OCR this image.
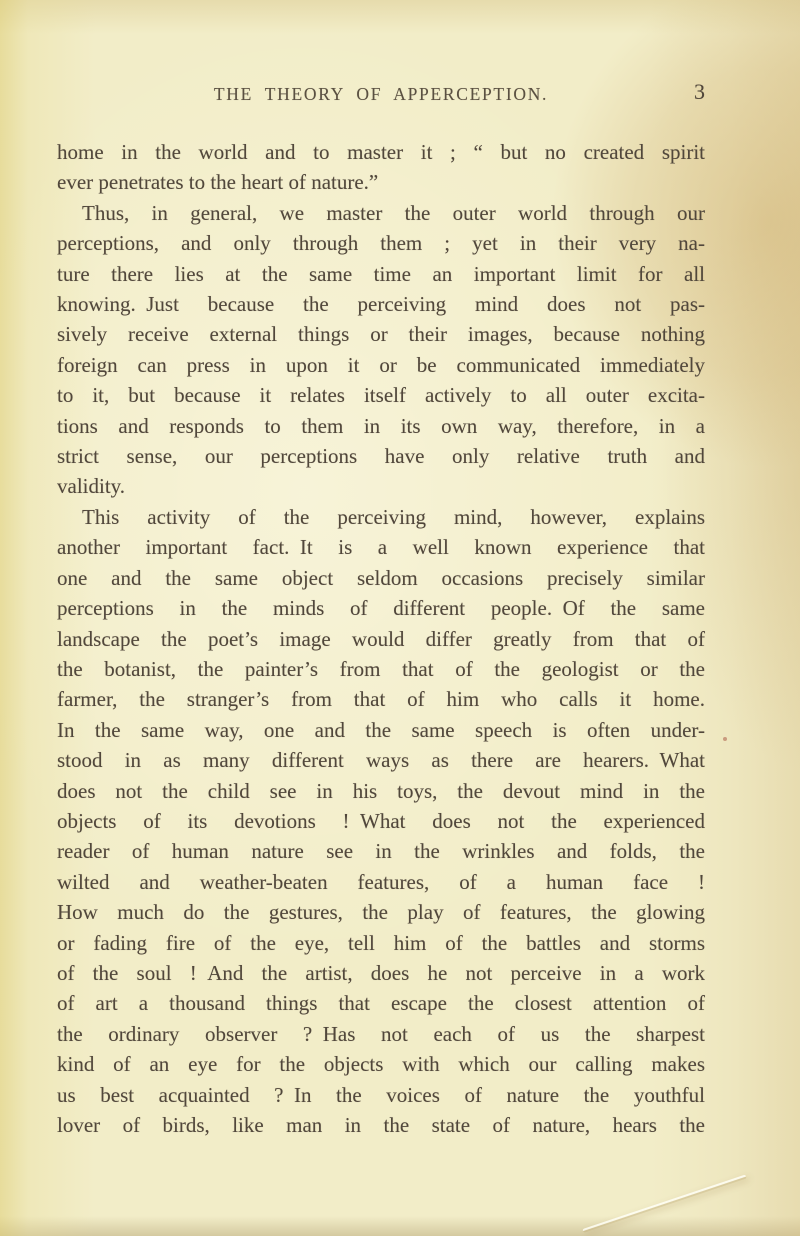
THE THEORY OF APPERCEPTION.	3
home in the world and to master it ; “ but no created spirit
ever penetrates to the heart of nature.”
Thus, in general, we master the outer world through our
perceptions, and only through them ; yet in their very na-
ture there lies at the same time an important limit for all
knowing. Just because the perceiving mind does not pas-
sively receive external things or their images, because nothing
foreign can press in upon it or be communicated immediately
to it, but because it relates itself actively to all outer excita-
tions and responds to them in its own way, therefore, in a
strict sense, our perceptions have only relative truth and
validity.
This activity of the perceiving mind, however, explains
another important fact. It is a well known experience that
one and the same object seldom occasions precisely similar
perceptions in the minds of different people. Of the same
landscape the poet’s image would differ greatly from that of
the botanist, the painter’s from that of the geologist or the
farmer, the stranger’s from that of him who calls it home.
In the same way, one and the same speech is often under-
stood in as many different ways as there are hearers. What
does not the child see in his toys, the devout mind in the
objects of its devotions ! What does not the experienced
reader of human nature see in the wrinkles and folds, the
wilted and weather-beaten features, of a human face !
How much do the gestures, the play of features, the glowing
or fading fire of the eye, tell him of the battles and storms
of the soul ! And the artist, does he not perceive in a work
of art a thousand things that escape the closest attention of
the ordinary observer ? Has not each of us the sharpest
kind of an eye for the objects with which our calling makes
us best acquainted ? In the voices of nature the youthful
lover of birds, like man in the state of nature, hears the
